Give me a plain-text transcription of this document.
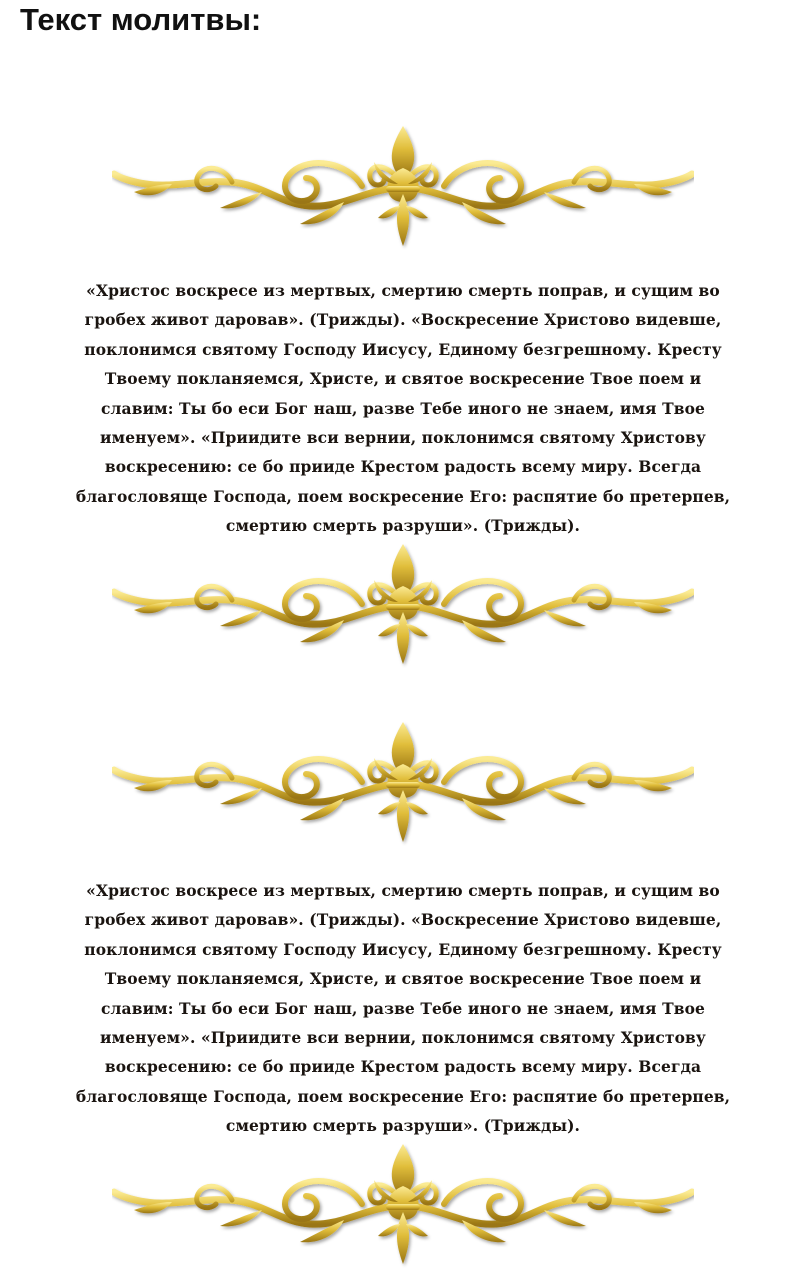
Текст молитвы:
«Христос воскресе из мертвых, смертию смерть поправ, и сущим во
гробех живот даровав». (Трижды). «Воскресение Христово видевше,
поклонимся святому Господу Иисусу, Единому безгрешному. Кресту
Твоему покланяемся, Христе, и святое воскресение Твое поем и
славим: Ты бо еси Бог наш, разве Тебе иного не знаем, имя Твое
именуем». «Приидите вси вернии, поклонимся святому Христову
воскресению: се бо прииде Крестом радость всему миру. Всегда
благословяще Господа, поем воскресение Его: распятие бо претерпев,
смертию смерть разруши». (Трижды).
«Христос воскресе из мертвых, смертию смерть поправ, и сущим во
гробех живот даровав». (Трижды). «Воскресение Христово видевше,
поклонимся святому Господу Иисусу, Единому безгрешному. Кресту
Твоему покланяемся, Христе, и святое воскресение Твое поем и
славим: Ты бо еси Бог наш, разве Тебе иного не знаем, имя Твое
именуем». «Приидите вси вернии, поклонимся святому Христову
воскресению: се бо прииде Крестом радость всему миру. Всегда
благословяще Господа, поем воскресение Его: распятие бо претерпев,
смертию смерть разруши». (Трижды).
